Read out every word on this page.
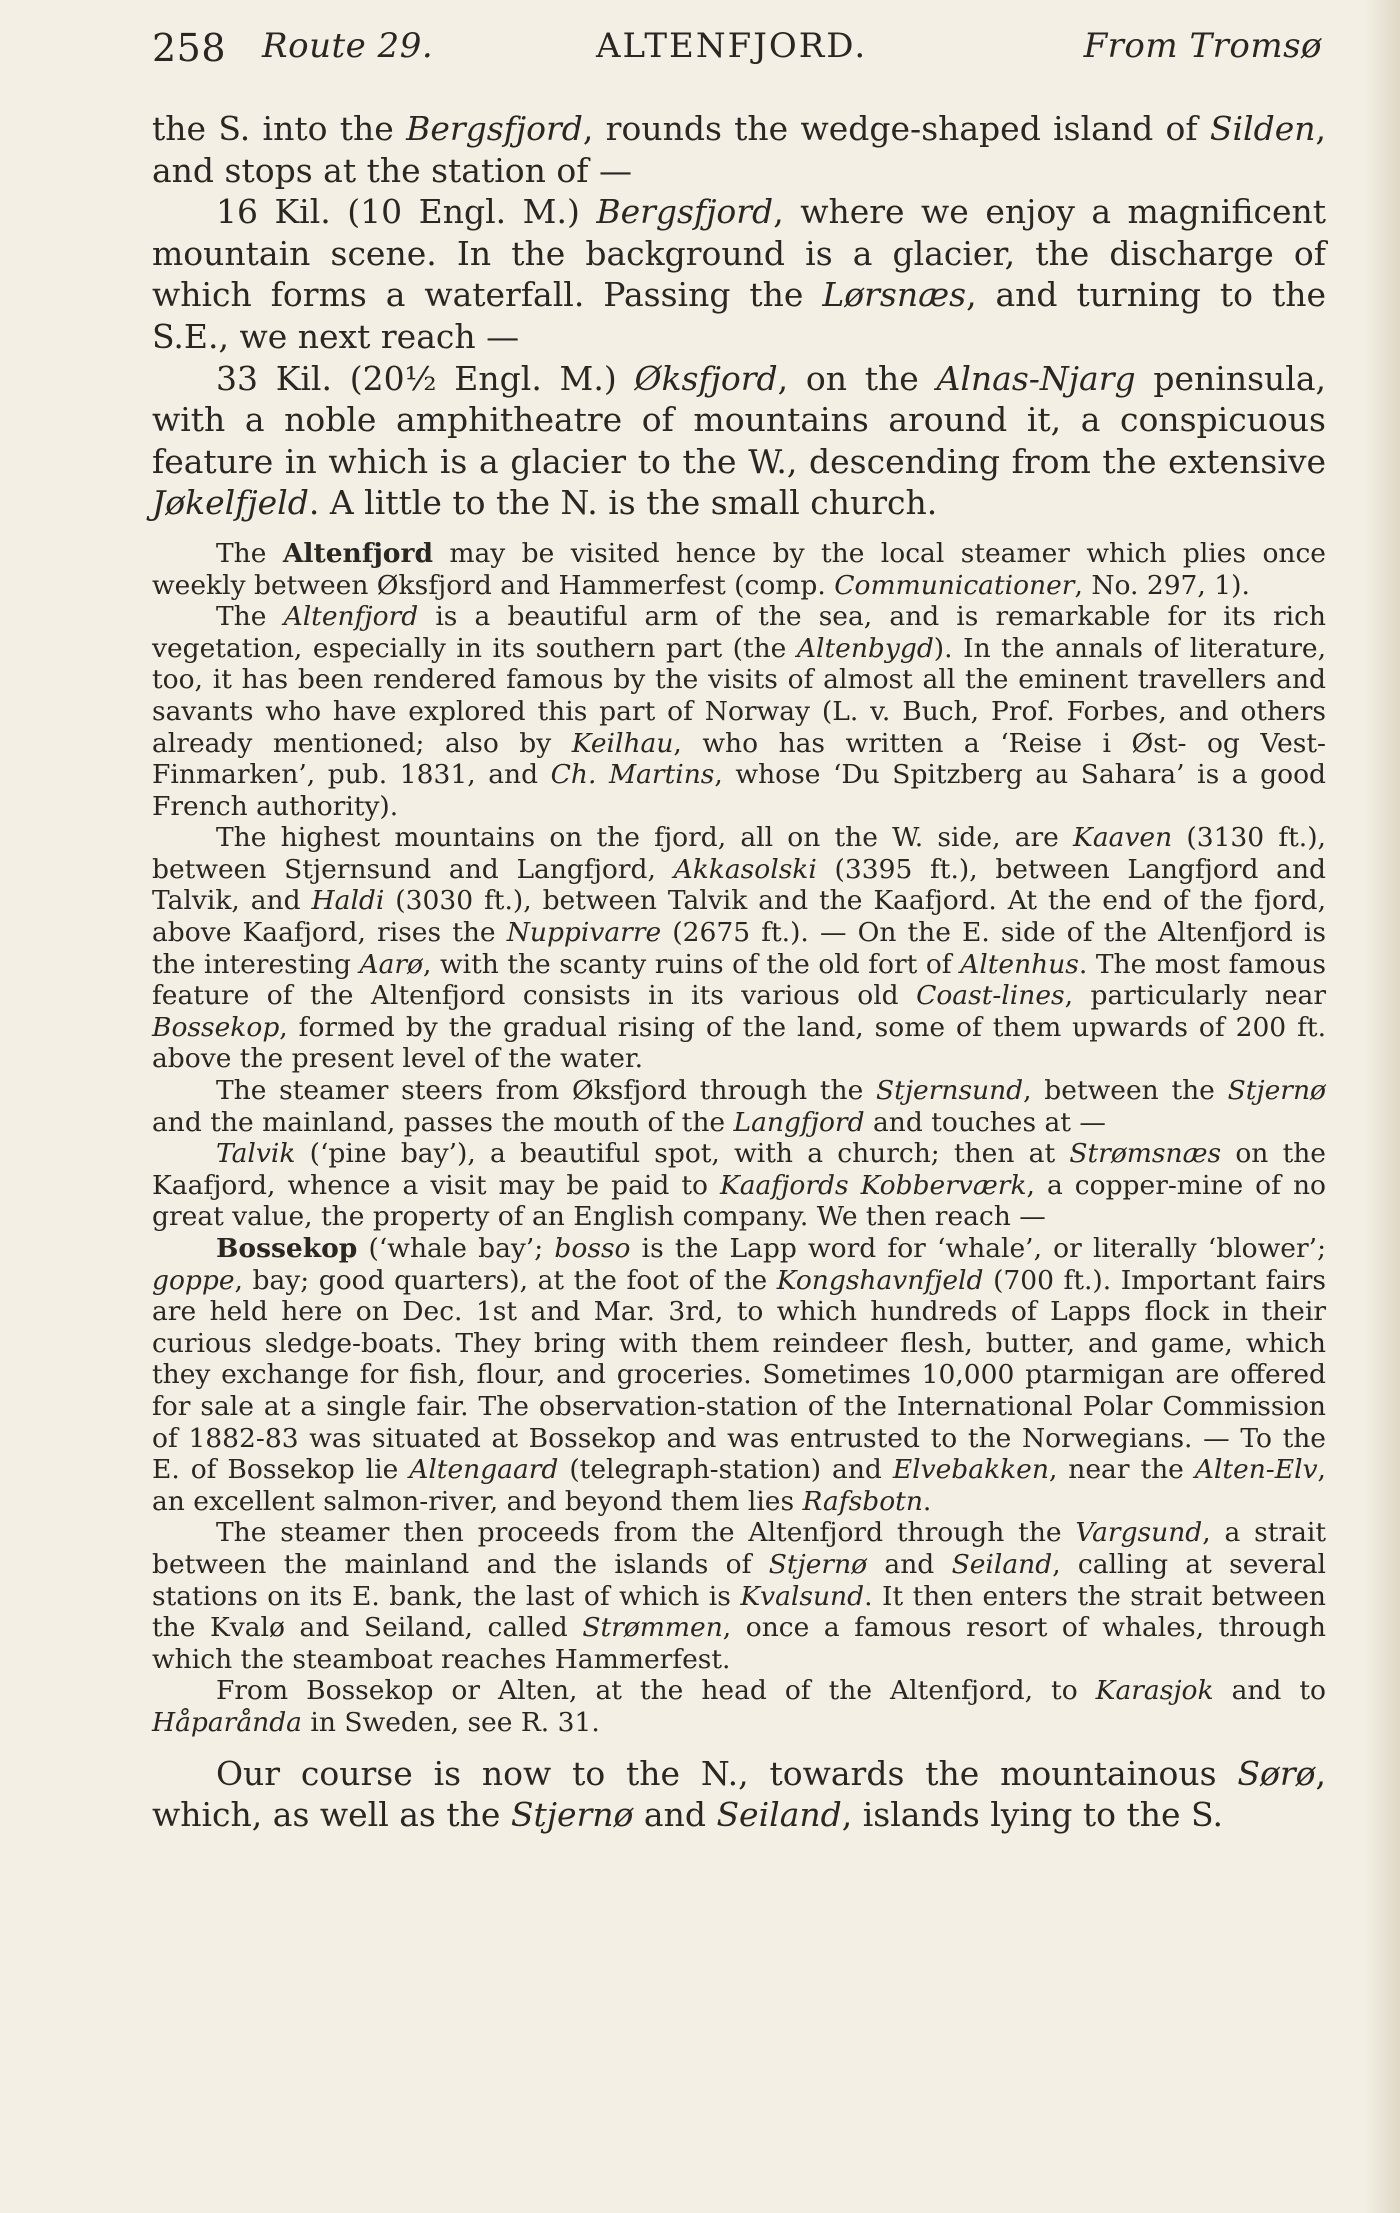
258 Route 29.	ALTENFJORD.	From Tromsø

the S. into the Bergsfjord, rounds the wedge-shaped island of Silden, and stops at the station of —

16 Kil. (10 Engl. M.) Bergsfjord, where we enjoy a magnificent mountain scene. In the background is a glacier, the discharge of which forms a waterfall. Passing the Lørsnæs, and turning to the S.E., we next reach —

33 Kil. (20½ Engl. M.) Øksfjord, on the Alnas-Njarg peninsula, with a noble amphitheatre of mountains around it, a conspicuous feature in which is a glacier to the W., descending from the extensive Jøkelfjeld. A little to the N. is the small church.

The Altenfjord may be visited hence by the local steamer which plies once weekly between Øksfjord and Hammerfest (comp. Communicationer, No. 297, 1).

The Altenfjord is a beautiful arm of the sea, and is remarkable for its rich vegetation, especially in its southern part (the Altenbygd). In the annals of literature, too, it has been rendered famous by the visits of almost all the eminent travellers and savants who have explored this part of Norway (L. v. Buch, Prof. Forbes, and others already mentioned; also by Keilhau, who has written a ‘Reise i Øst- og Vest-Finmarken’, pub. 1831, and Ch. Martins, whose ‘Du Spitzberg au Sahara’ is a good French authority).

The highest mountains on the fjord, all on the W. side, are Kaaven (3130 ft.), between Stjernsund and Langfjord, Akkasolski (3395 ft.), between Langfjord and Talvik, and Haldi (3030 ft.), between Talvik and the Kaafjord. At the end of the fjord, above Kaafjord, rises the Nuppivarre (2675 ft.). — On the E. side of the Altenfjord is the interesting Aarø, with the scanty ruins of the old fort of Altenhus. The most famous feature of the Altenfjord consists in its various old Coast-lines, particularly near Bossekop, formed by the gradual rising of the land, some of them upwards of 200 ft. above the present level of the water.

The steamer steers from Øksfjord through the Stjernsund, between the Stjernø and the mainland, passes the mouth of the Langfjord and touches at —

Talvik (‘pine bay’), a beautiful spot, with a church; then at Strømsnæs on the Kaafjord, whence a visit may be paid to Kaafjords Kobberværk, a copper-mine of no great value, the property of an English company. We then reach —

Bossekop (‘whale bay’; bosso is the Lapp word for ‘whale’, or literally ‘blower’; goppe, bay; good quarters), at the foot of the Kongshavnfjeld (700 ft.). Important fairs are held here on Dec. 1st and Mar. 3rd, to which hundreds of Lapps flock in their curious sledge-boats. They bring with them reindeer flesh, butter, and game, which they exchange for fish, flour, and groceries. Sometimes 10,000 ptarmigan are offered for sale at a single fair. The observation-station of the International Polar Commission of 1882-83 was situated at Bossekop and was entrusted to the Norwegians. — To the E. of Bossekop lie Altengaard (telegraph-station) and Elvebakken, near the Alten-Elv, an excellent salmon-river, and beyond them lies Rafsbotn.

The steamer then proceeds from the Altenfjord through the Vargsund, a strait between the mainland and the islands of Stjernø and Seiland, calling at several stations on its E. bank, the last of which is Kvalsund. It then enters the strait between the Kvalø and Seiland, called Strømmen, once a famous resort of whales, through which the steamboat reaches Hammerfest.

From Bossekop or Alten, at the head of the Altenfjord, to Karasjok and to Håparånda in Sweden, see R. 31.

Our course is now to the N., towards the mountainous Sørø, which, as well as the Stjernø and Seiland, islands lying to the S.
